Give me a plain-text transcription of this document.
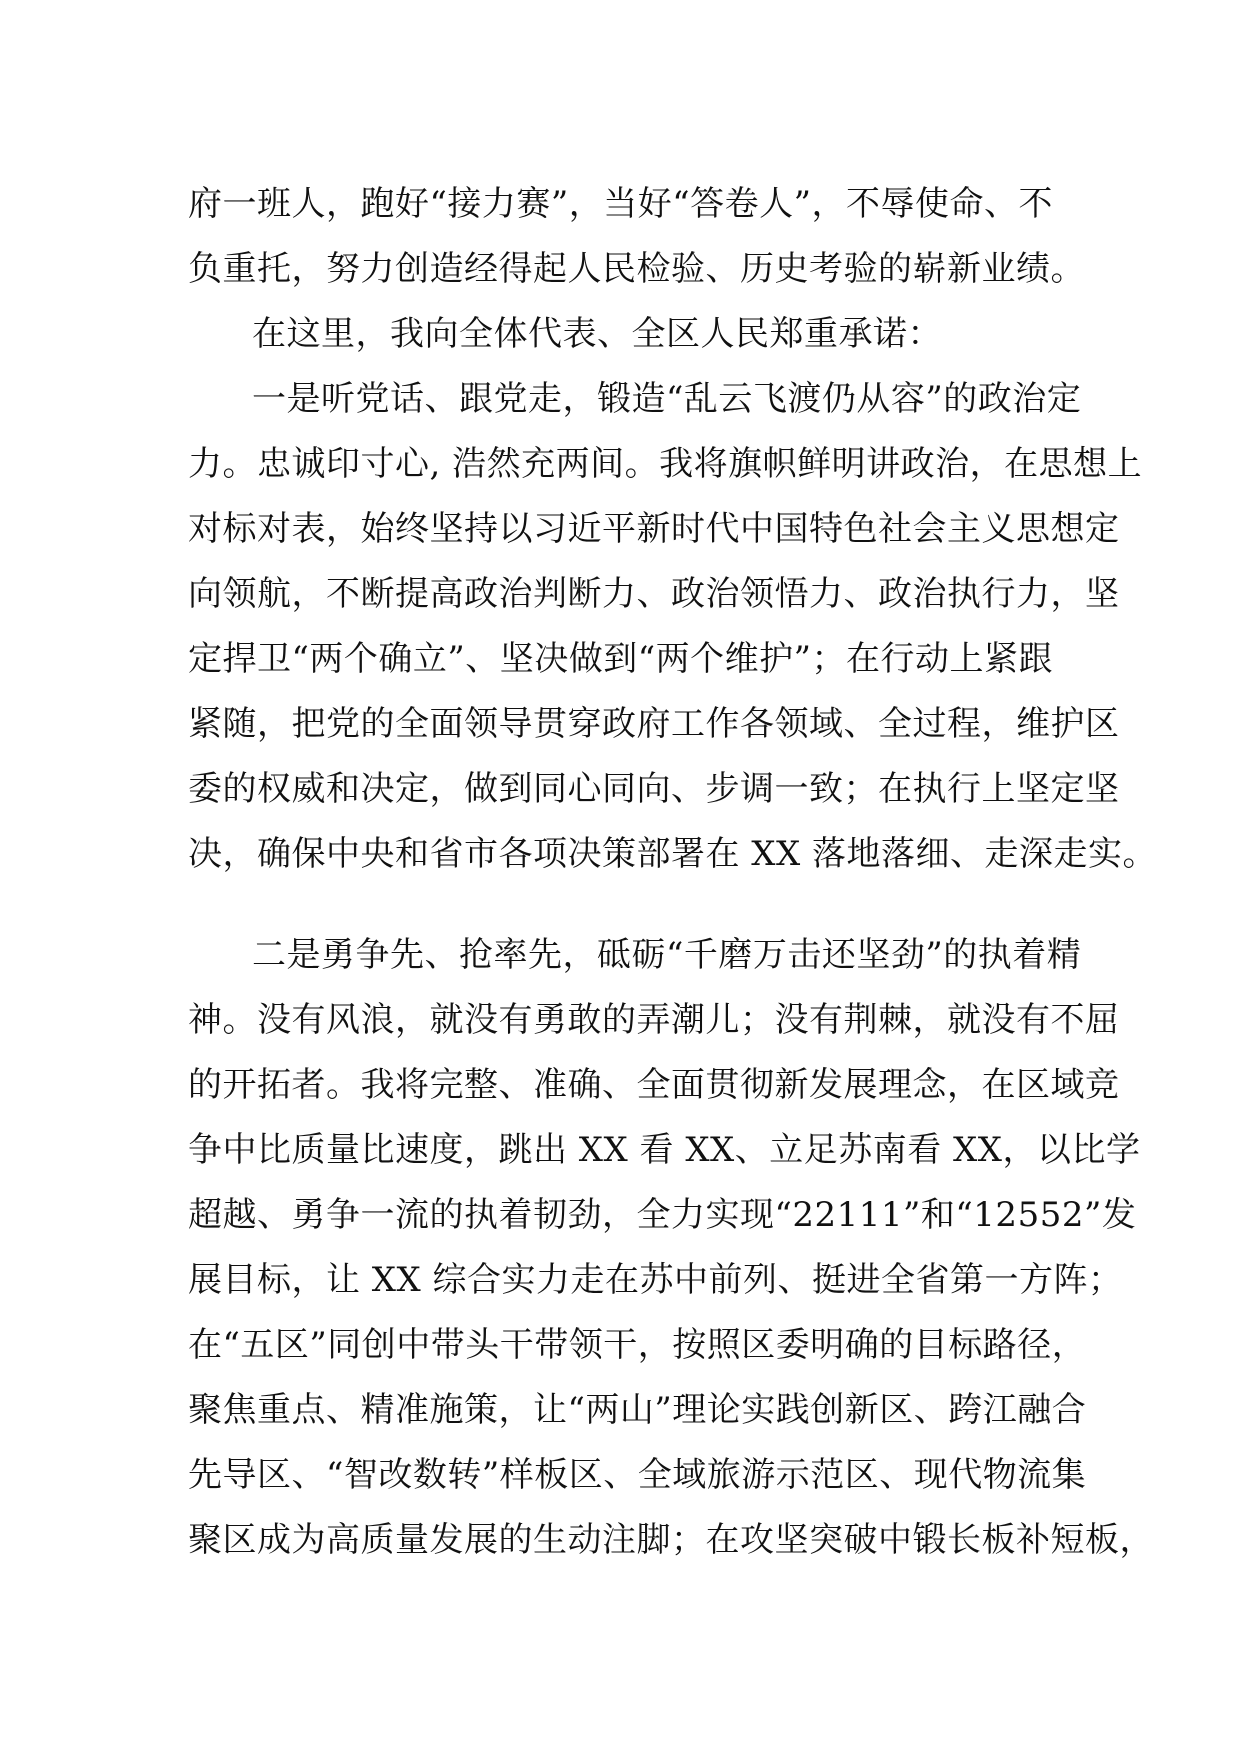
府一班人，跑好“接力赛”，当好“答卷人”，不辱使命、不
负重托，努力创造经得起人民检验、历史考验的崭新业绩。
在这里，我向全体代表、全区人民郑重承诺：
一是听党话、跟党走，锻造“乱云飞渡仍从容”的政治定
力。忠诚印寸心, 浩然充两间。我将旗帜鲜明讲政治，在思想上
对标对表，始终坚持以习近平新时代中国特色社会主义思想定
向领航，不断提高政治判断力、政治领悟力、政治执行力，坚
定捍卫“两个确立”、坚决做到“两个维护”；在行动上紧跟
紧随，把党的全面领导贯穿政府工作各领域、全过程，维护区
委的权威和决定，做到同心同向、步调一致；在执行上坚定坚
决，确保中央和省市各项决策部署在 XX 落地落细、走深走实。
二是勇争先、抢率先，砥砺“千磨万击还坚劲”的执着精
神。没有风浪，就没有勇敢的弄潮儿；没有荆棘，就没有不屈
的开拓者。我将完整、准确、全面贯彻新发展理念，在区域竞
争中比质量比速度，跳出 XX 看 XX、立足苏南看 XX，以比学
超越、勇争一流的执着韧劲，全力实现“22111”和“12552”发
展目标，让 XX 综合实力走在苏中前列、挺进全省第一方阵；
在“五区”同创中带头干带领干，按照区委明确的目标路径，
聚焦重点、精准施策，让“两山”理论实践创新区、跨江融合
先导区、“智改数转”样板区、全域旅游示范区、现代物流集
聚区成为高质量发展的生动注脚；在攻坚突破中锻长板补短板，
